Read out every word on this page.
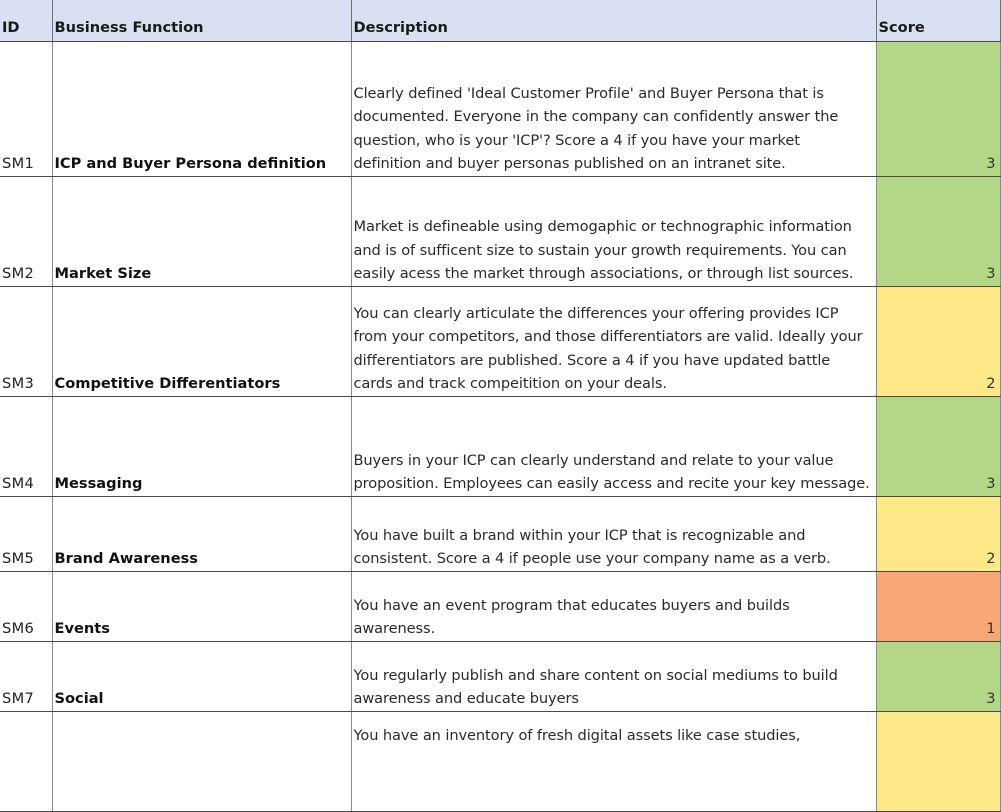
ID	Business Function	Description	Score
SM1	ICP and Buyer Persona definition	Clearly defined 'Ideal Customer Profile' and Buyer Persona that is documented. Everyone in the company can confidently answer the question, who is your 'ICP'? Score a 4 if you have your market definition and buyer personas published on an intranet site.	3
SM2	Market Size	Market is defineable using demogaphic or technographic information and is of sufficent size to sustain your growth requirements. You can easily acess the market through associations, or through list sources.	3
SM3	Competitive Differentiators	You can clearly articulate the differences your offering provides ICP from your competitors, and those differentiators are valid. Ideally your differentiators are published. Score a 4 if you have updated battle cards and track compeitition on your deals.	2
SM4	Messaging	Buyers in your ICP can clearly understand and relate to your value proposition. Employees can easily access and recite your key message.	3
SM5	Brand Awareness	You have built a brand within your ICP that is recognizable and consistent. Score a 4 if people use your company name as a verb.	2
SM6	Events	You have an event program that educates buyers and builds awareness.	1
SM7	Social	You regularly publish and share content on social mediums to build awareness and educate buyers	3
		You have an inventory of fresh digital assets like case studies,	
